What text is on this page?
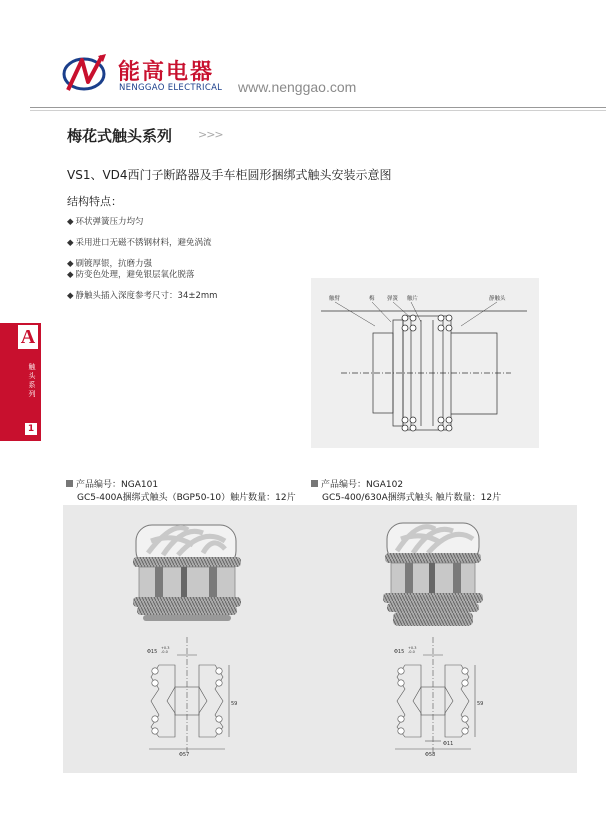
能高电器
NENGGAO ELECTRICAL www.nenggao.com
梅花式触头系列 >>>
VS1、VD4西门子断路器及手车柜圆形捆绑式触头安装示意图
结构特点：
◆ 环状弹簧压力均匀
◆ 采用进口无磁不锈钢材料，避免涡流
◆ 刷镀厚银，抗磨力强
◆ 防变色处理，避免银层氧化脱落
◆ 静触头插入深度参考尺寸：34±2mm
A
触头系列
1
触臂	梅 弹簧 触片	静触头
产品编号：NGA101
GC5-400A捆绑式触头（BGP50-10）触片数量：12片
产品编号：NGA102
GC5-400/630A捆绑式触头 触片数量：12片
Φ15
+0.3
-0.0
59
Φ57
Φ15
+0.3
-0.0
Φ11
59
Φ58
